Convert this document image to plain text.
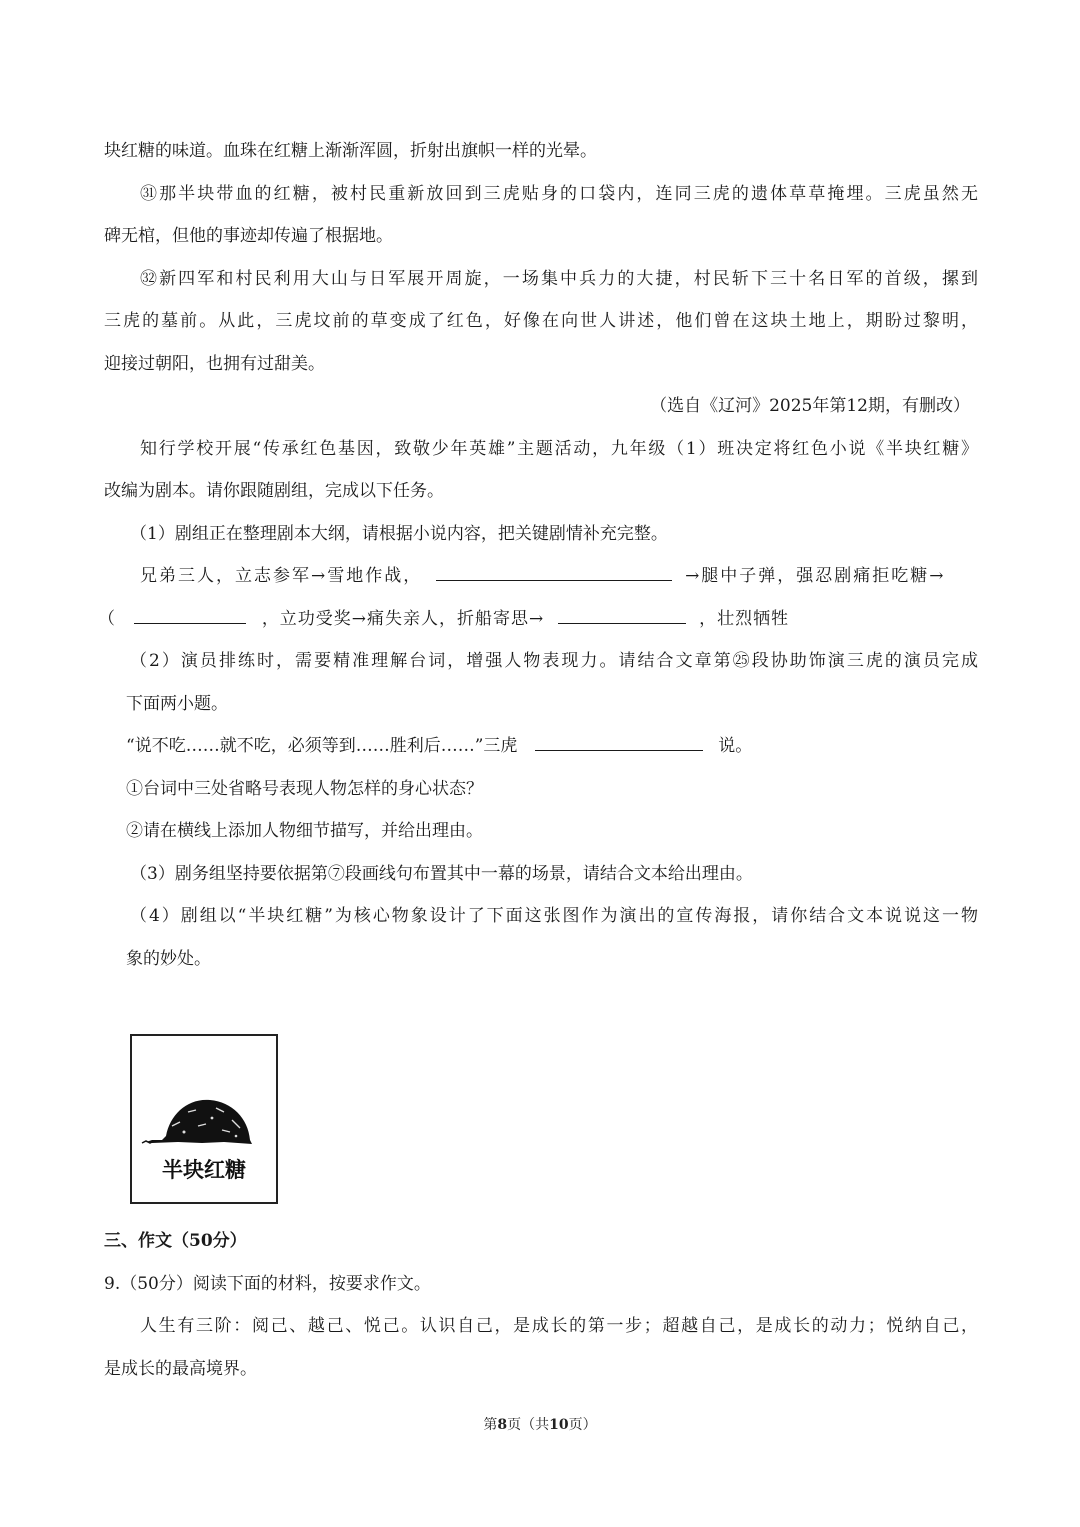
块红糖的味道。血珠在红糖上渐渐浑圆，折射出旗帜一样的光晕。
㉛那半块带血的红糖，被村民重新放回到三虎贴身的口袋内，连同三虎的遗体草草掩埋。三虎虽然无
碑无棺，但他的事迹却传遍了根据地。
㉜新四军和村民利用大山与日军展开周旋，一场集中兵力的大捷，村民斩下三十名日军的首级，摞到
三虎的墓前。从此，三虎坟前的草变成了红色，好像在向世人讲述，他们曾在这块土地上，期盼过黎明，
迎接过朝阳，也拥有过甜美。
（选自《辽河》2025年第12期，有删改）
知行学校开展“传承红色基因，致敬少年英雄”主题活动，九年级（1）班决定将红色小说《半块红糖》
改编为剧本。请你跟随剧组，完成以下任务。
（1）剧组正在整理剧本大纲，请根据小说内容，把关键剧情补充完整。
兄弟三人，立志参军→雪地作战，	→腿中子弹，强忍剧痛拒吃糖→
（	，立功受奖→痛失亲人，折船寄思→	，壮烈牺牲
（2）演员排练时，需要精准理解台词，增强人物表现力。请结合文章第㉕段协助饰演三虎的演员完成
下面两小题。
“说不吃……就不吃，必须等到……胜利后……”三虎	说。
①台词中三处省略号表现人物怎样的身心状态？
②请在横线上添加人物细节描写，并给出理由。
（3）剧务组坚持要依据第⑦段画线句布置其中一幕的场景，请结合文本给出理由。
（4）剧组以“半块红糖”为核心物象设计了下面这张图作为演出的宣传海报，请你结合文本说说这一物
象的妙处。
半块红糖
三、作文（50分）
9.（50分）阅读下面的材料，按要求作文。
人生有三阶：阅己、越己、悦己。认识自己，是成长的第一步；超越自己，是成长的动力；悦纳自己，
是成长的最高境界。
第8页（共10页）
